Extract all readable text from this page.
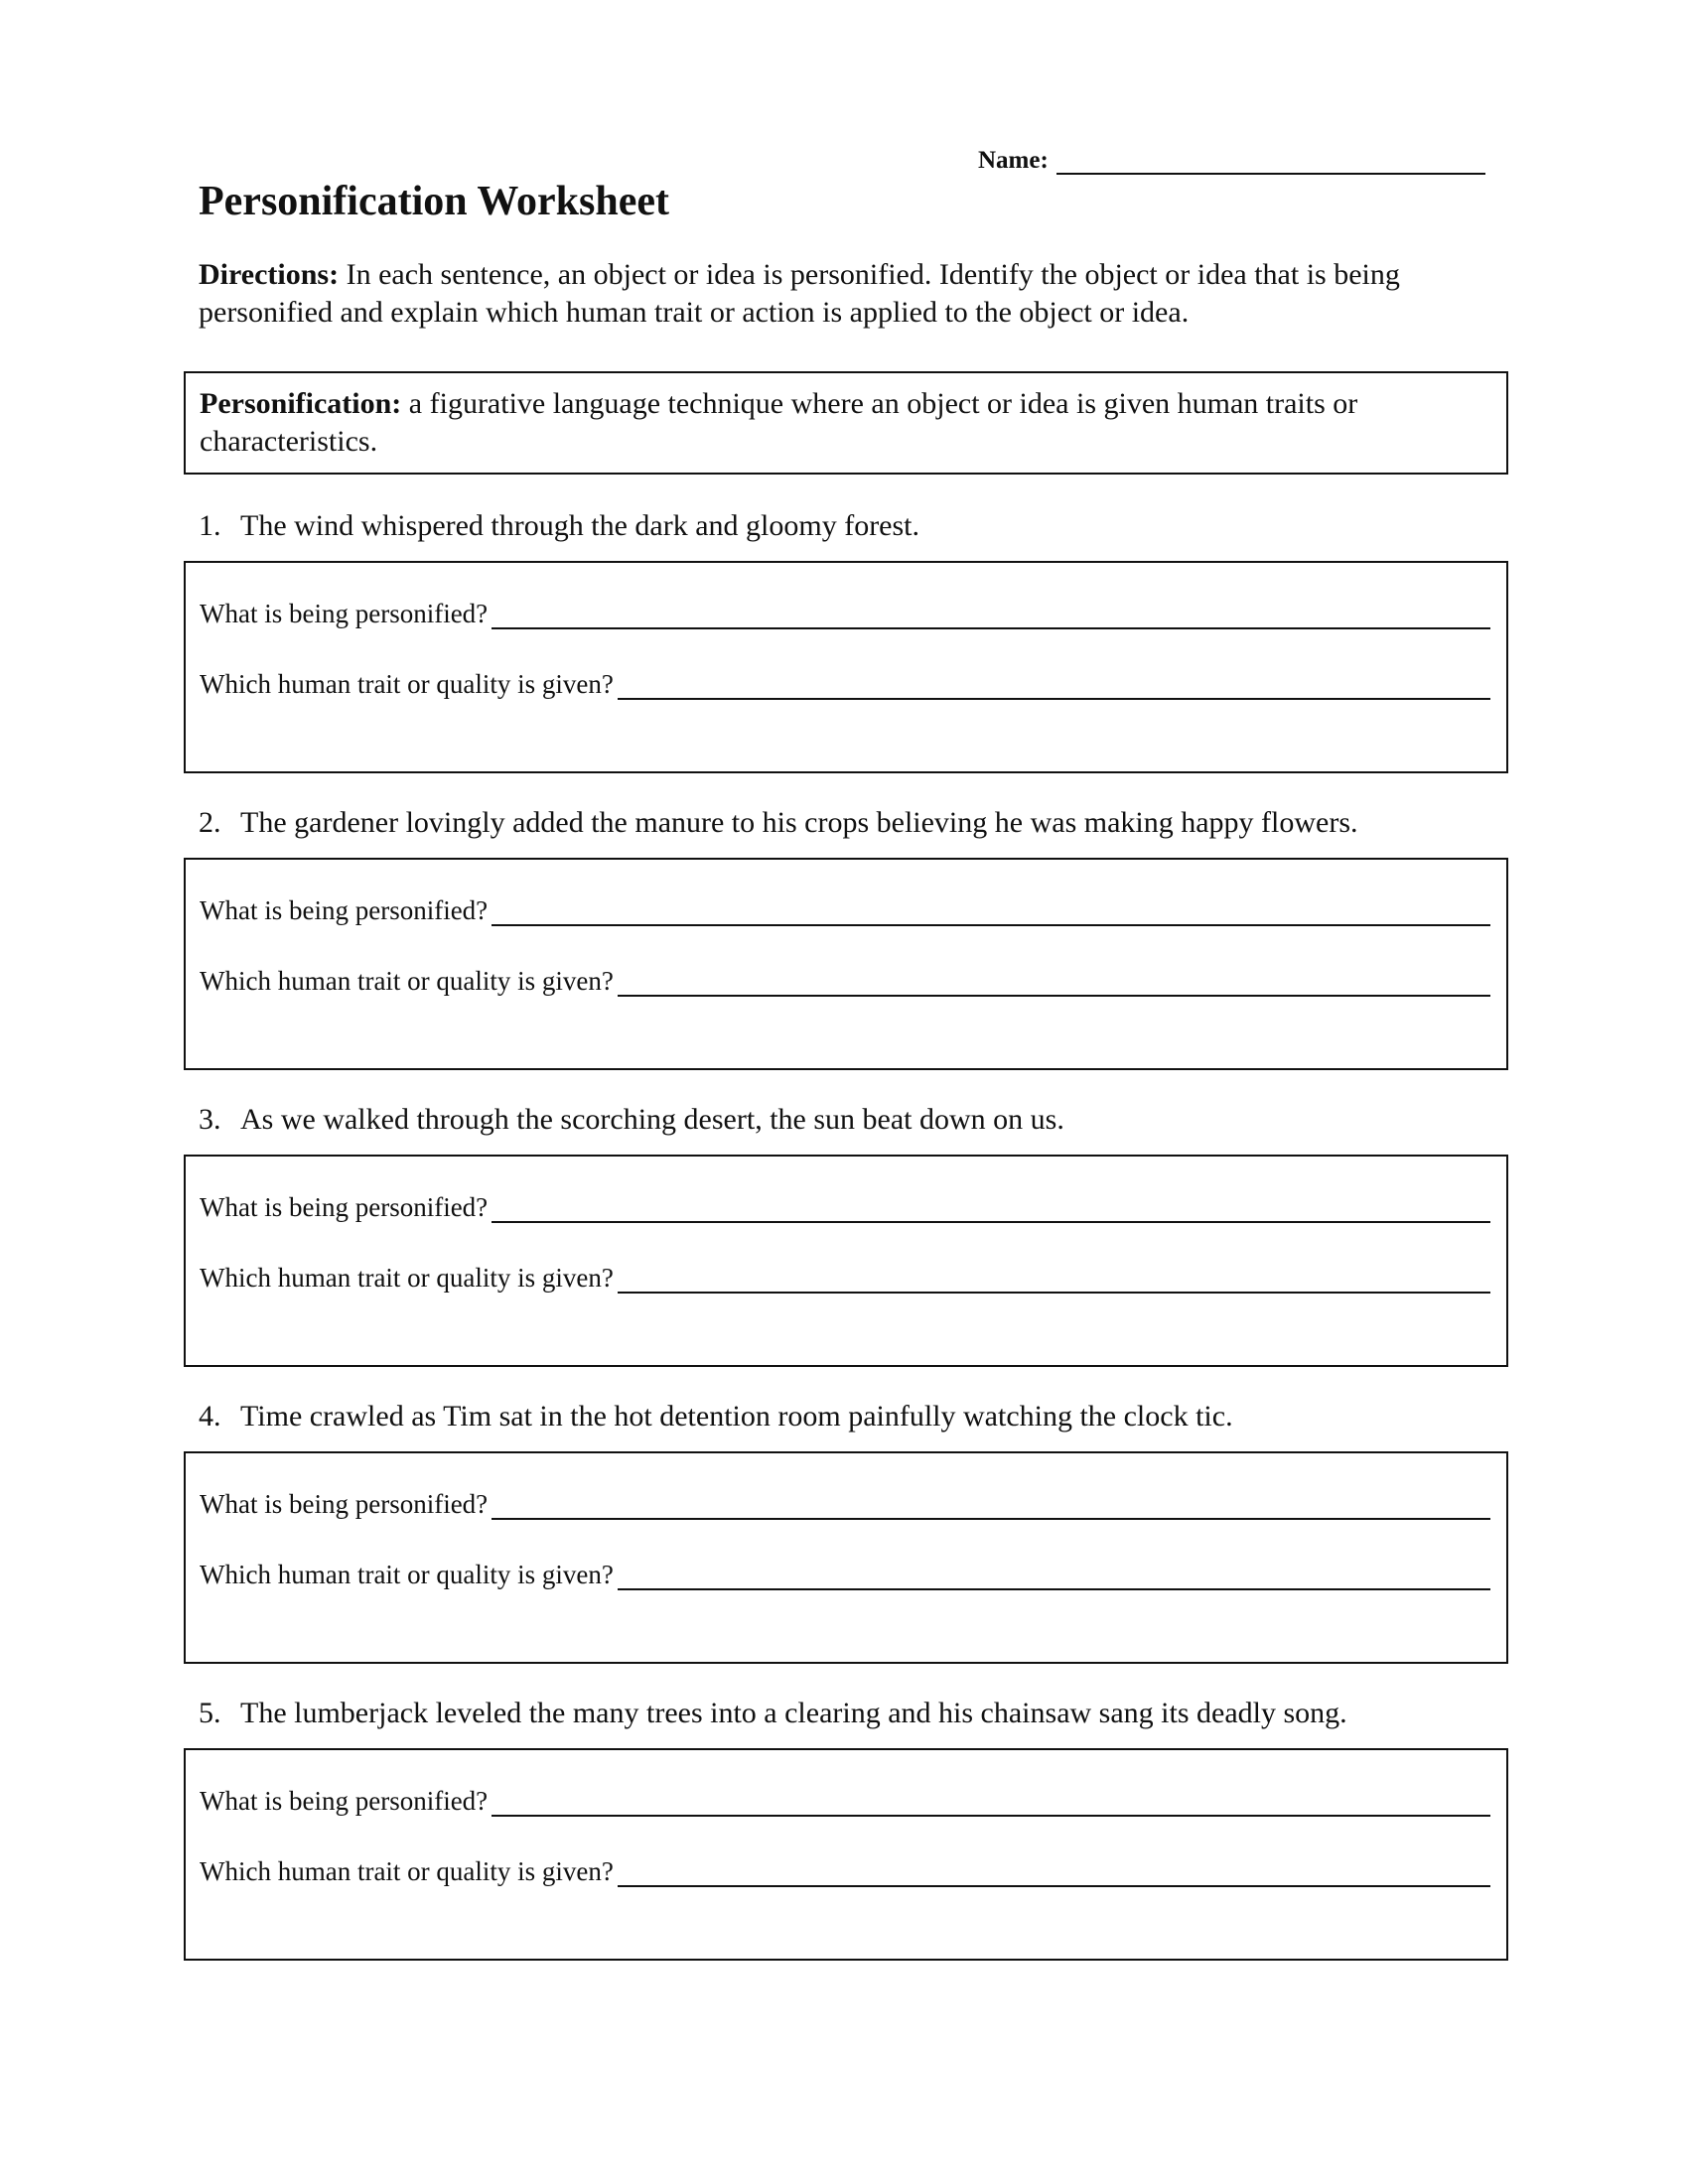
Name:
Personification Worksheet

Directions: In each sentence, an object or idea is personified. Identify the object or idea that is being personified and explain which human trait or action is applied to the object or idea.

Personification: a figurative language technique where an object or idea is given human traits or characteristics.
1. The wind whispered through the dark and gloomy forest.
What is being personified?
Which human trait or quality is given?
2. The gardener lovingly added the manure to his crops believing he was making happy flowers.
What is being personified?
Which human trait or quality is given?
3. As we walked through the scorching desert, the sun beat down on us.
What is being personified?
Which human trait or quality is given?
4. Time crawled as Tim sat in the hot detention room painfully watching the clock tic.
What is being personified?
Which human trait or quality is given?
5. The lumberjack leveled the many trees into a clearing and his chainsaw sang its deadly song.
What is being personified?
Which human trait or quality is given?
